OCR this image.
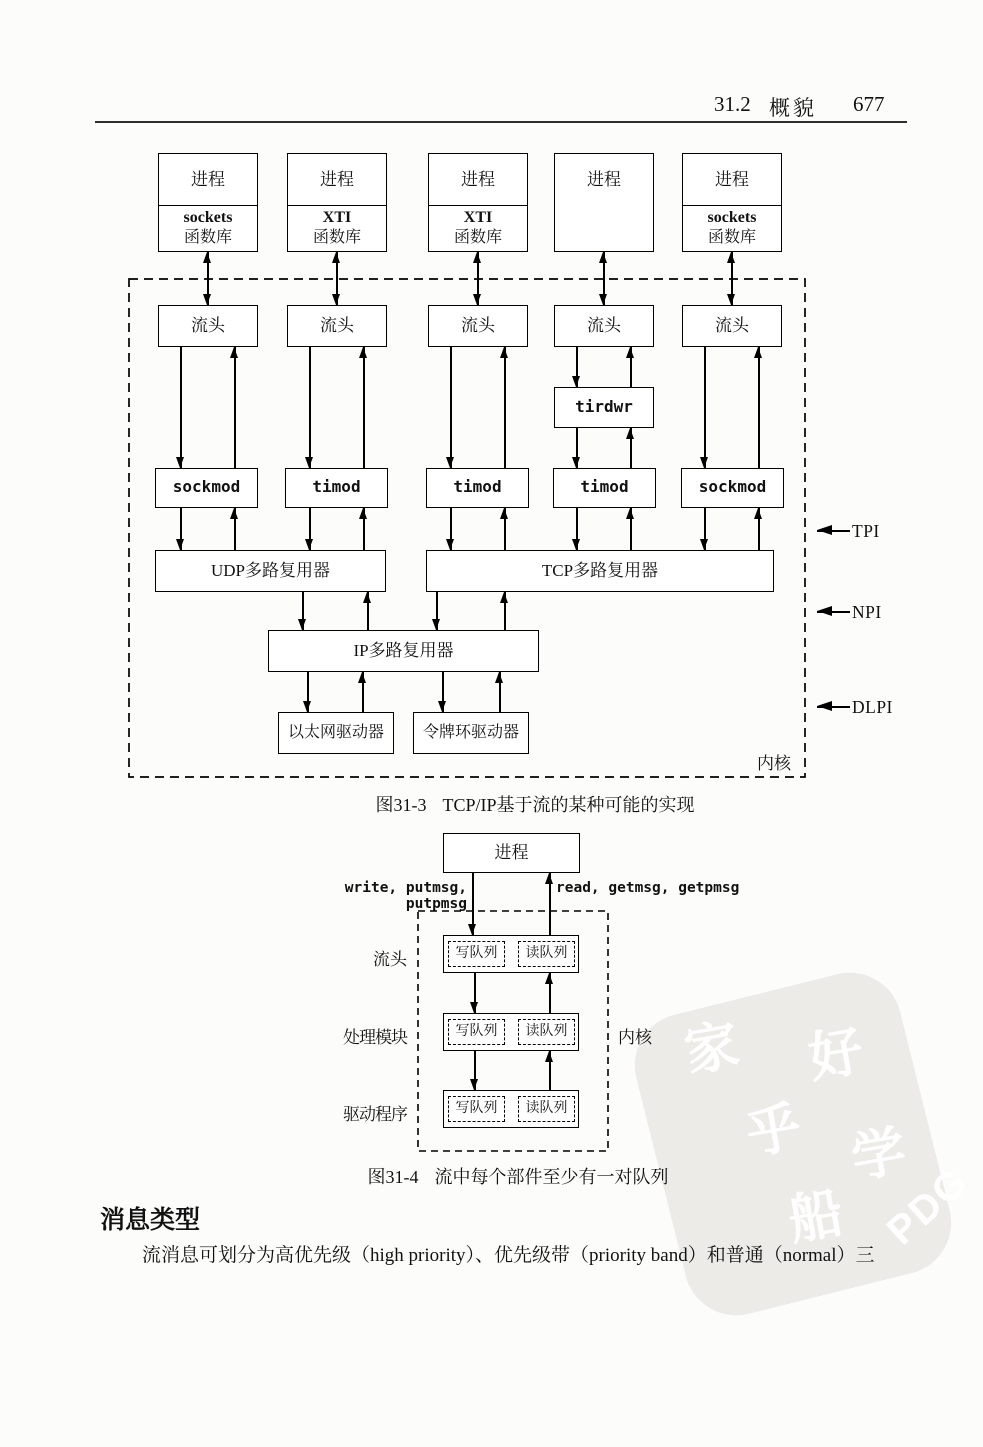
家 好
乎 学
船 PDG
31.2 概貌 677
内核
进程
sockets
函数库
进程
XTI
函数库
进程
XTI
函数库
进程	进程
sockets
函数库
流头	流头	流头	流头	流头
tirdwr
sockmod	timod	timod	timod	sockmod
UDP多路复用器	TCP多路复用器
IP多路复用器
以太网驱动器	令牌环驱动器
TPI
NPI
DLPI
图31-3 TCP/IP基于流的某种可能的实现
进程
write, putmsg, putpmsg
read, getmsg, getpmsg
内核
流头	写队列	读队列
处理模块	写队列	读队列
驱动程序	写队列	读队列
图31-4 流中每个部件至少有一对队列
消息类型
流消息可划分为高优先级（high priority）、优先级带（priority band）和普通（normal）三
